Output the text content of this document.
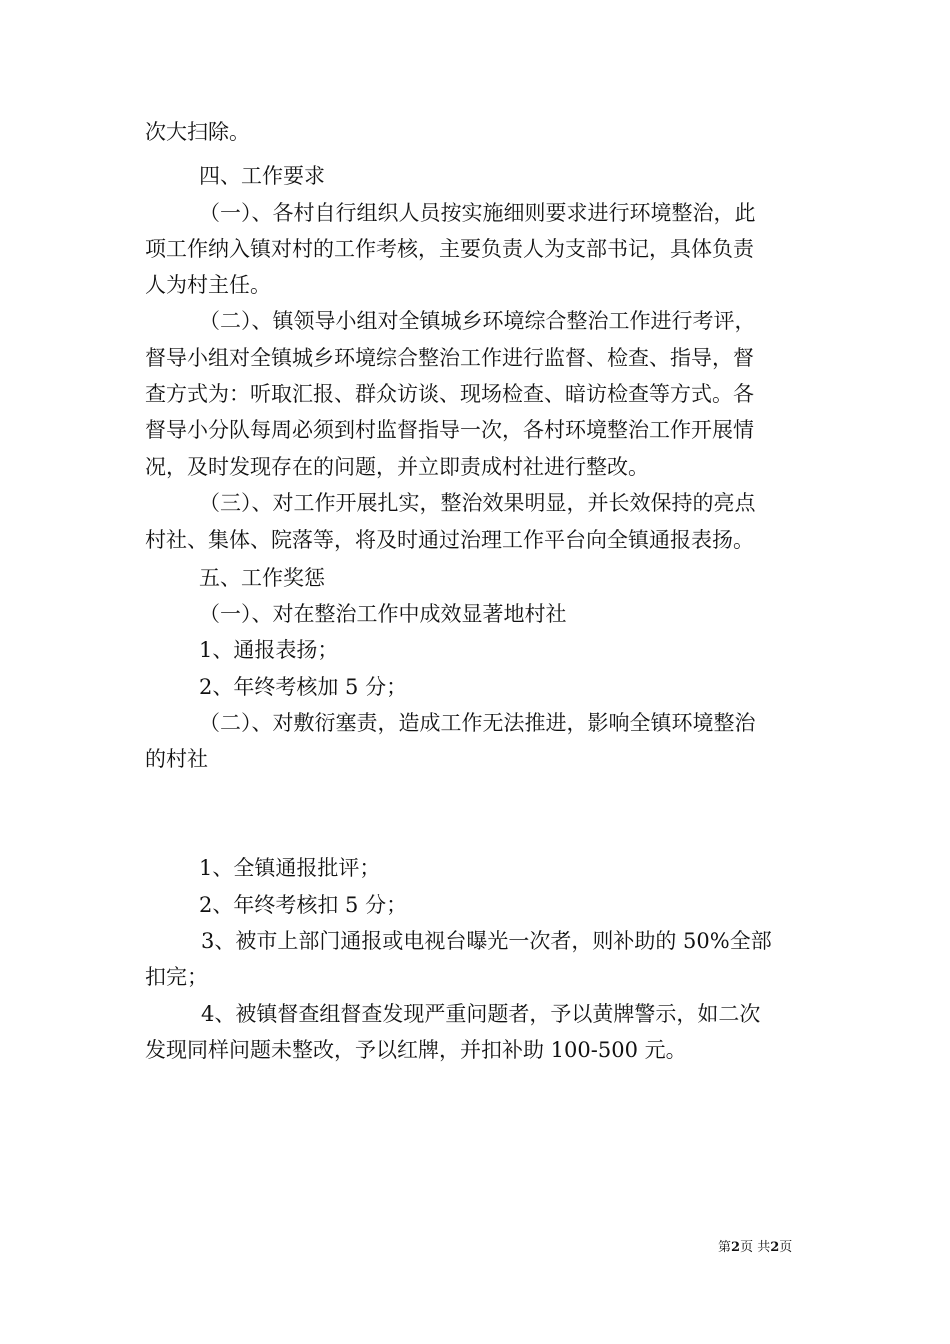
次大扫除。
四、工作要求
（一）、各村自行组织人员按实施细则要求进行环境整治，此
项工作纳入镇对村的工作考核，主要负责人为支部书记，具体负责
人为村主任。
（二）、镇领导小组对全镇城乡环境综合整治工作进行考评，
督导小组对全镇城乡环境综合整治工作进行监督、检查、指导，督
查方式为：听取汇报、群众访谈、现场检查、暗访检查等方式。各
督导小分队每周必须到村监督指导一次，各村环境整治工作开展情
况，及时发现存在的问题，并立即责成村社进行整改。
（三）、对工作开展扎实，整治效果明显，并长效保持的亮点
村社、集体、院落等，将及时通过治理工作平台向全镇通报表扬。
五、工作奖惩
（一）、对在整治工作中成效显著地村社
1、通报表扬；
2、年终考核加 5 分；
（二）、对敷衍塞责，造成工作无法推进，影响全镇环境整治
的村社
1、全镇通报批评；
2、年终考核扣 5 分；
3、被市上部门通报或电视台曝光一次者，则补助的 50%全部
扣完；
4、被镇督查组督查发现严重问题者，予以黄牌警示，如二次
发现同样问题未整改，予以红牌，并扣补助 100-500 元。
第2页 共2页
